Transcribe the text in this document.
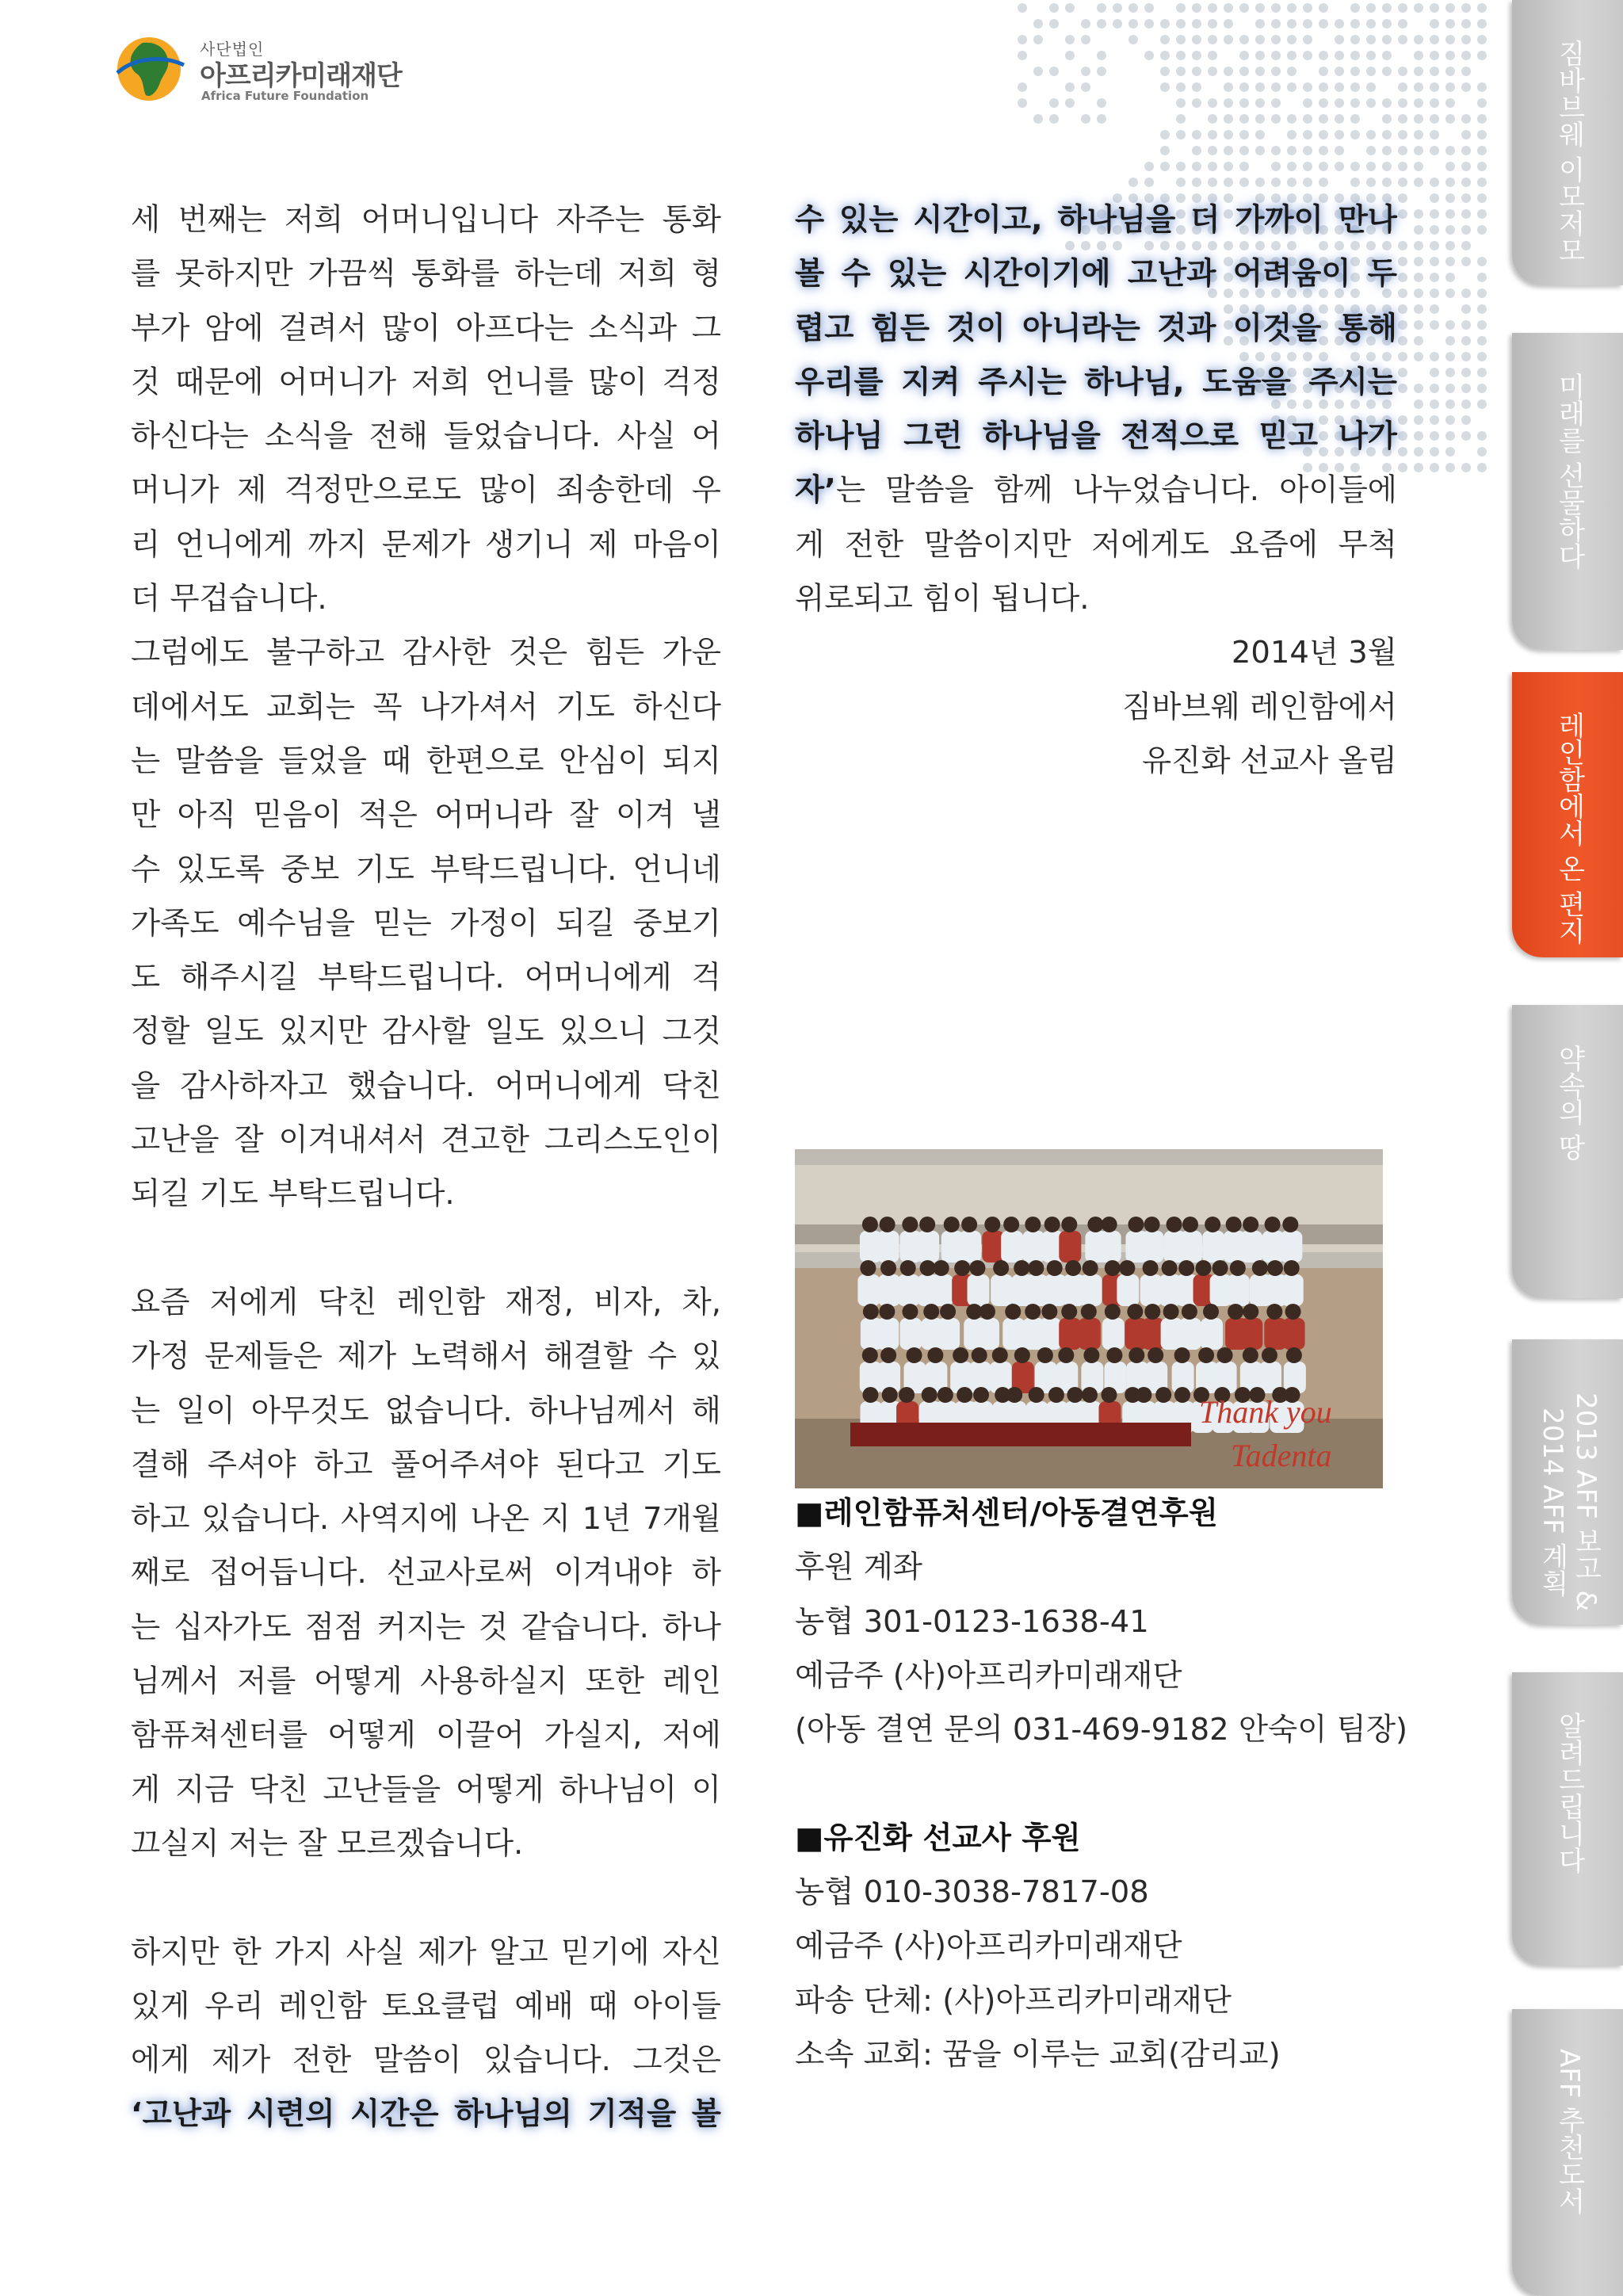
사단법인
아프리카미래재단
Africa Future Foundation

세 번째는 저희 어머니입니다 자주는 통화

를 못하지만 가끔씩 통화를 하는데 저희 형

부가 암에 걸려서 많이 아프다는 소식과 그

것 때문에 어머니가 저희 언니를 많이 걱정

하신다는 소식을 전해 들었습니다. 사실 어

머니가 제 걱정만으로도 많이 죄송한데 우

리 언니에게 까지 문제가 생기니 제 마음이

더 무겁습니다.

그럼에도 불구하고 감사한 것은 힘든 가운

데에서도 교회는 꼭 나가셔서 기도 하신다

는 말씀을 들었을 때 한편으로 안심이 되지

만 아직 믿음이 적은 어머니라 잘 이겨 낼

수 있도록 중보 기도 부탁드립니다. 언니네

가족도 예수님을 믿는 가정이 되길 중보기

도 해주시길 부탁드립니다. 어머니에게 걱

정할 일도 있지만 감사할 일도 있으니 그것

을 감사하자고 했습니다. 어머니에게 닥친

고난을 잘 이겨내셔서 견고한 그리스도인이

되길 기도 부탁드립니다.

요즘 저에게 닥친 레인함 재정, 비자, 차,

가정 문제들은 제가 노력해서 해결할 수 있

는 일이 아무것도 없습니다. 하나님께서 해

결해 주셔야 하고 풀어주셔야 된다고 기도

하고 있습니다. 사역지에 나온 지 1년 7개월

째로 접어듭니다. 선교사로써 이겨내야 하

는 십자가도 점점 커지는 것 같습니다. 하나

님께서 저를 어떻게 사용하실지 또한 레인

함퓨쳐센터를 어떻게 이끌어 가실지, 저에

게 지금 닥친 고난들을 어떻게 하나님이 이

끄실지 저는 잘 모르겠습니다.

하지만 한 가지 사실 제가 알고 믿기에 자신

있게 우리 레인함 토요클럽 예배 때 아이들

에게 제가 전한 말씀이 있습니다. 그것은

‘고난과 시련의 시간은 하나님의 기적을 볼

수 있는 시간이고, 하나님을 더 가까이 만나

볼 수 있는 시간이기에 고난과 어려움이 두

렵고 힘든 것이 아니라는 것과 이것을 통해

우리를 지켜 주시는 하나님, 도움을 주시는

하나님 그런 하나님을 전적으로 믿고 나가

자’는 말씀을 함께 나누었습니다. 아이들에

게 전한 말씀이지만 저에게도 요즘에 무척

위로되고 힘이 됩니다.

2014년 3월

짐바브웨 레인함에서

유진화 선교사 올림

Thank you
Tadenta

■레인함퓨처센터/아동결연후원

후원 계좌

농협 301-0123-1638-41

예금주 (사)아프리카미래재단

(아동 결연 문의 031-469-9182 안숙이 팀장)

■유진화 선교사 후원

농협 010-3038-7817-08

예금주 (사)아프리카미래재단

파송 단체: (사)아프리카미래재단

소속 교회: 꿈을 이루는 교회(감리교)

짐바브웨 이모저모
미래를 선물하다
레인함에서 온 편지
약속의 땅
2013 AFF 보고 & 2014 AFF 계획
알려드립니다
AFF 추천도서
